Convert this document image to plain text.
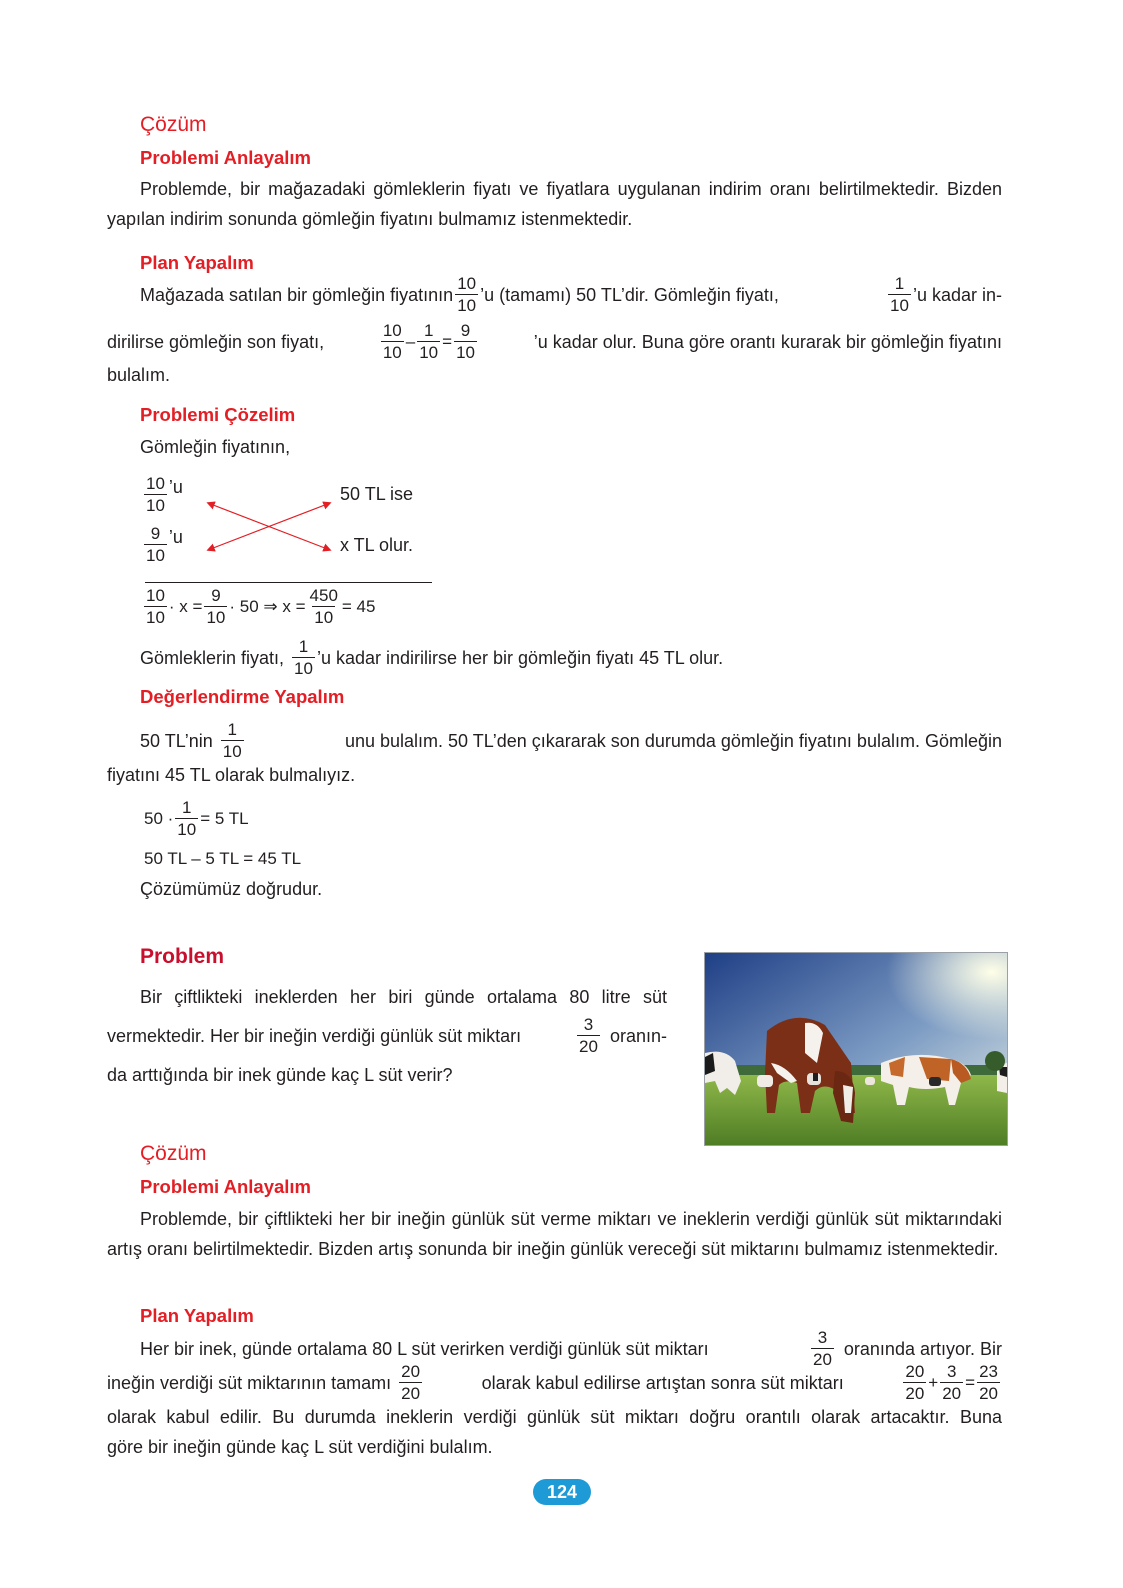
Çözüm
Problemi Anlayalım
Problemde, bir mağazadaki gömleklerin fiyatı ve fiyatlara uygulanan indirim oranı belirtilmektedir. Bizden yapılan indirim sonunda gömleğin fiyatını bulmamız istenmektedir.
Plan Yapalım
Mağazada satılan bir gömleğin fiyatının $\frac{10}{10}$ ’u (tamamı) 50 TL’dir. Gömleğin fiyatı,	$\frac{1}{10}$ ’u kadar in-
dirilirse gömleğin son fiyatı,	$\frac{10}{10} - \frac{1}{10} = \frac{9}{10}$	’u kadar olur. Buna göre orantı kurarak bir gömleğin fiyatını
bulalım.
Problemi Çözelim
Gömleğin fiyatının,
$\frac{10}{10}$ ’u	50 TL ise
$\frac{9}{10}$ ’u	x TL olur.
$\frac{10}{10} \cdot x = \frac{9}{10} \cdot 50$ ⇒ $x = \frac{450}{10} = 45$
Gömleklerin fiyatı, $\frac{1}{10}$ ’u kadar indirilirse her bir gömleğin fiyatı 45 TL olur.
Değerlendirme Yapalım
50 TL’nin $\frac{1}{10}$	unu bulalım. 50 TL’den çıkararak son durumda gömleğin fiyatını bulalım. Gömleğin
fiyatını 45 TL olarak bulmalıyız.
$50 \cdot \frac{1}{10} = 5$ TL
50 TL – 5 TL = 45 TL
Çözümümüz doğrudur.
Problem
Bir çiftlikteki ineklerden her biri günde ortalama 80 litre süt
vermektedir. Her bir ineğin verdiği günlük süt miktarı	$\frac{3}{20}$ oranın-
da arttığında bir inek günde kaç L süt verir?
Çözüm
Problemi Anlayalım
Problemde, bir çiftlikteki her bir ineğin günlük süt verme miktarı ve ineklerin verdiği günlük süt miktarındaki artış oranı belirtilmektedir. Bizden artış sonunda bir ineğin günlük vereceği süt miktarını bulmamız istenmektedir.
Plan Yapalım
Her bir inek, günde ortalama 80 L süt verirken verdiği günlük süt miktarı	$\frac{3}{20}$ oranında artıyor. Bir
ineğin verdiği süt miktarının tamamı $\frac{20}{20}$	olarak kabul edilirse artıştan sonra süt miktarı	$\frac{20}{20} + \frac{3}{20} = \frac{23}{20}$
olarak kabul edilir. Bu durumda ineklerin verdiği günlük süt miktarı doğru orantılı olarak artacaktır. Buna
göre bir ineğin günde kaç L süt verdiğini bulalım.
124
